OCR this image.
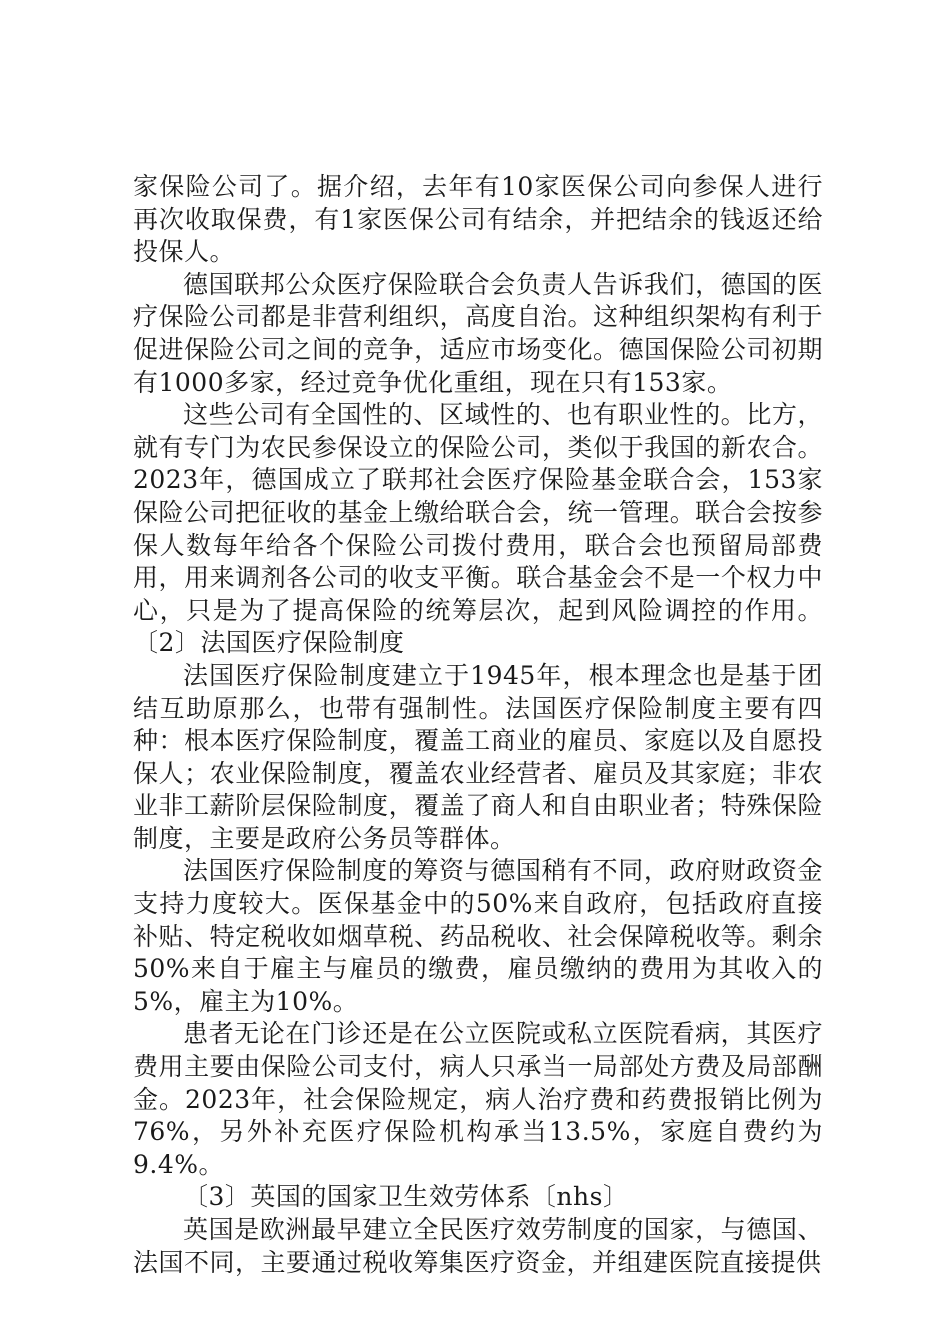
家保险公司了。据介绍，去年有10家医保公司向参保人进行再次收取保费，有1家医保公司有结余，并把结余的钱返还给投保人。

德国联邦公众医疗保险联合会负责人告诉我们，德国的医疗保险公司都是非营利组织，高度自治。这种组织架构有利于促进保险公司之间的竞争，适应市场变化。德国保险公司初期有1000多家，经过竞争优化重组，现在只有153家。

这些公司有全国性的、区域性的、也有职业性的。比方，就有专门为农民参保设立的保险公司，类似于我国的新农合。2023年，德国成立了联邦社会医疗保险基金联合会，153家保险公司把征收的基金上缴给联合会，统一管理。联合会按参保人数每年给各个保险公司拨付费用，联合会也预留局部费用，用来调剂各公司的收支平衡。联合基金会不是一个权力中心，只是为了提高保险的统筹层次，起到风险调控的作用。〔2〕法国医疗保险制度

法国医疗保险制度建立于1945年，根本理念也是基于团结互助原那么，也带有强制性。法国医疗保险制度主要有四种：根本医疗保险制度，覆盖工商业的雇员、家庭以及自愿投保人；农业保险制度，覆盖农业经营者、雇员及其家庭；非农业非工薪阶层保险制度，覆盖了商人和自由职业者；特殊保险制度，主要是政府公务员等群体。

法国医疗保险制度的筹资与德国稍有不同，政府财政资金支持力度较大。医保基金中的50%来自政府，包括政府直接补贴、特定税收如烟草税、药品税收、社会保障税收等。剩余50%来自于雇主与雇员的缴费，雇员缴纳的费用为其收入的5%，雇主为10%。

患者无论在门诊还是在公立医院或私立医院看病，其医疗费用主要由保险公司支付，病人只承当一局部处方费及局部酬金。2023年，社会保险规定，病人治疗费和药费报销比例为76%，另外补充医疗保险机构承当13.5%，家庭自费约为9.4%。

〔3〕英国的国家卫生效劳体系〔nhs〕

英国是欧洲最早建立全民医疗效劳制度的国家，与德国、法国不同，主要通过税收筹集医疗资金，并组建医院直接提供
